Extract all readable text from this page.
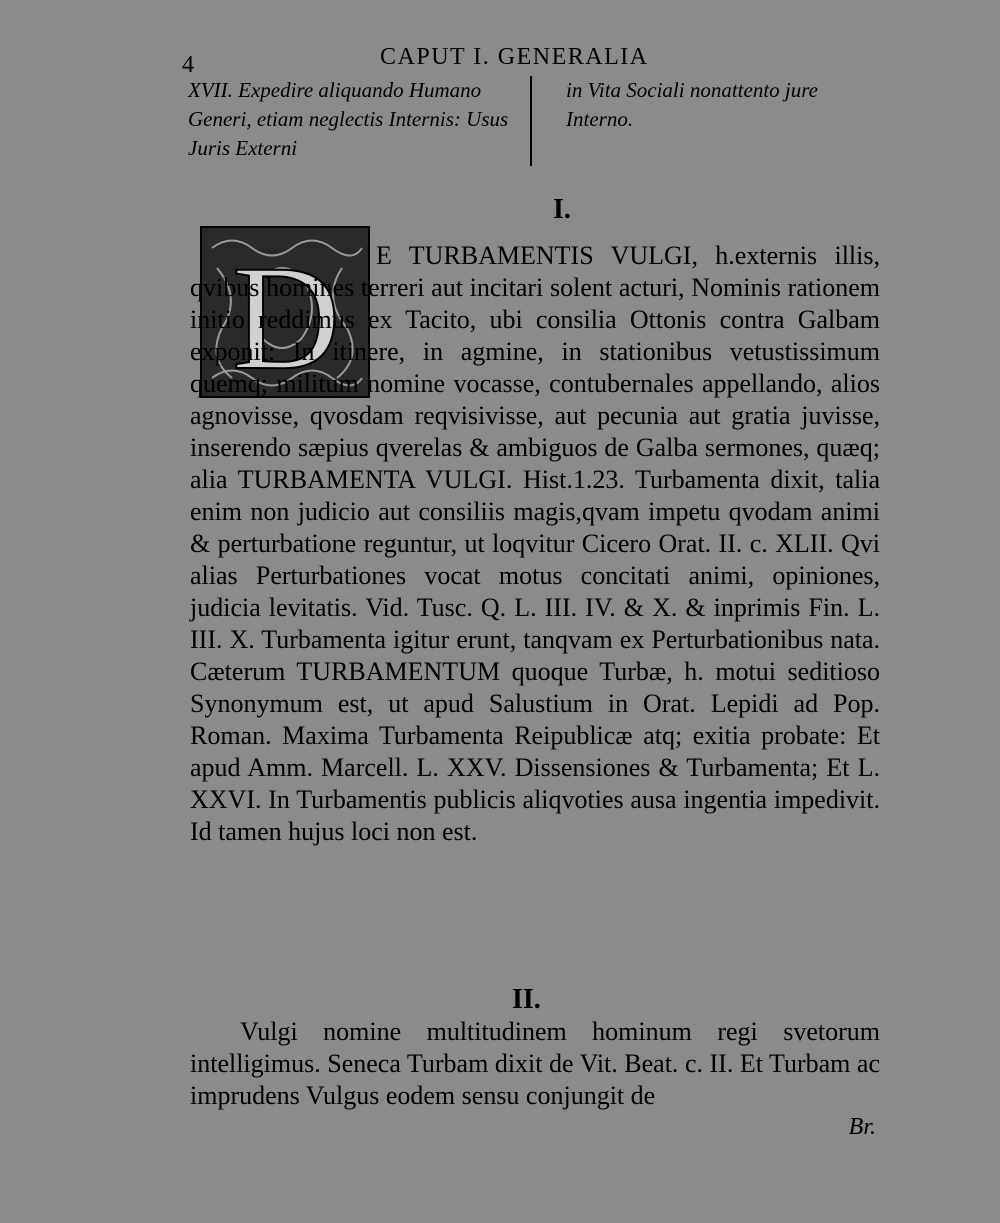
4	CAPUT I. GENERALIA
XVII. Expedire aliquando Humano Generi, etiam neglectis Internis: Usus Juris Externi
in Vita Sociali nonattento jure Interno.
I.
D	E TURBAMENTIS VULGI, h.externis illis, qvibus homines terreri aut incitari solent acturi, Nominis rationem initio reddimus ex Tacito, ubi consilia Ottonis contra Galbam exponit: In itinere, in agmine, in stationibus vetustissimum quemq; militum nomine vocasse, contubernales appellando, alios agnovisse, qvosdam reqvisivisse, aut pecunia aut gratia juvisse, inserendo sæpius qverelas & ambiguos de Galba sermones, quæq; alia TURBAMENTA VULGI. Hist.1.23. Turbamenta dixit, talia enim non judicio aut consiliis magis,qvam impetu qvodam animi & perturbatione reguntur, ut loqvitur Cicero Orat. II. c. XLII. Qvi alias Perturbationes vocat motus concitati animi, opiniones, judicia levitatis. Vid. Tusc. Q. L. III. IV. & X. & inprimis Fin. L. III. X. Turbamenta igitur erunt, tanqvam ex Perturbationibus nata. Cæterum TURBAMENTUM quoque Turbæ, h. motui seditioso Synonymum est, ut apud Salustium in Orat. Lepidi ad Pop. Roman. Maxima Turbamenta Reipublicæ atq; exitia probate: Et apud Amm. Marcell. L. XXV. Dissensiones & Turbamenta; Et L. XXVI. In Turbamentis publicis aliqvoties ausa ingentia impedivit. Id tamen hujus loci non est.

II.

Vulgi nomine multitudinem hominum regi svetorum intelligimus. Seneca Turbam dixit de Vit. Beat. c. II. Et Turbam ac imprudens Vulgus eodem sensu conjungit de

Br.
